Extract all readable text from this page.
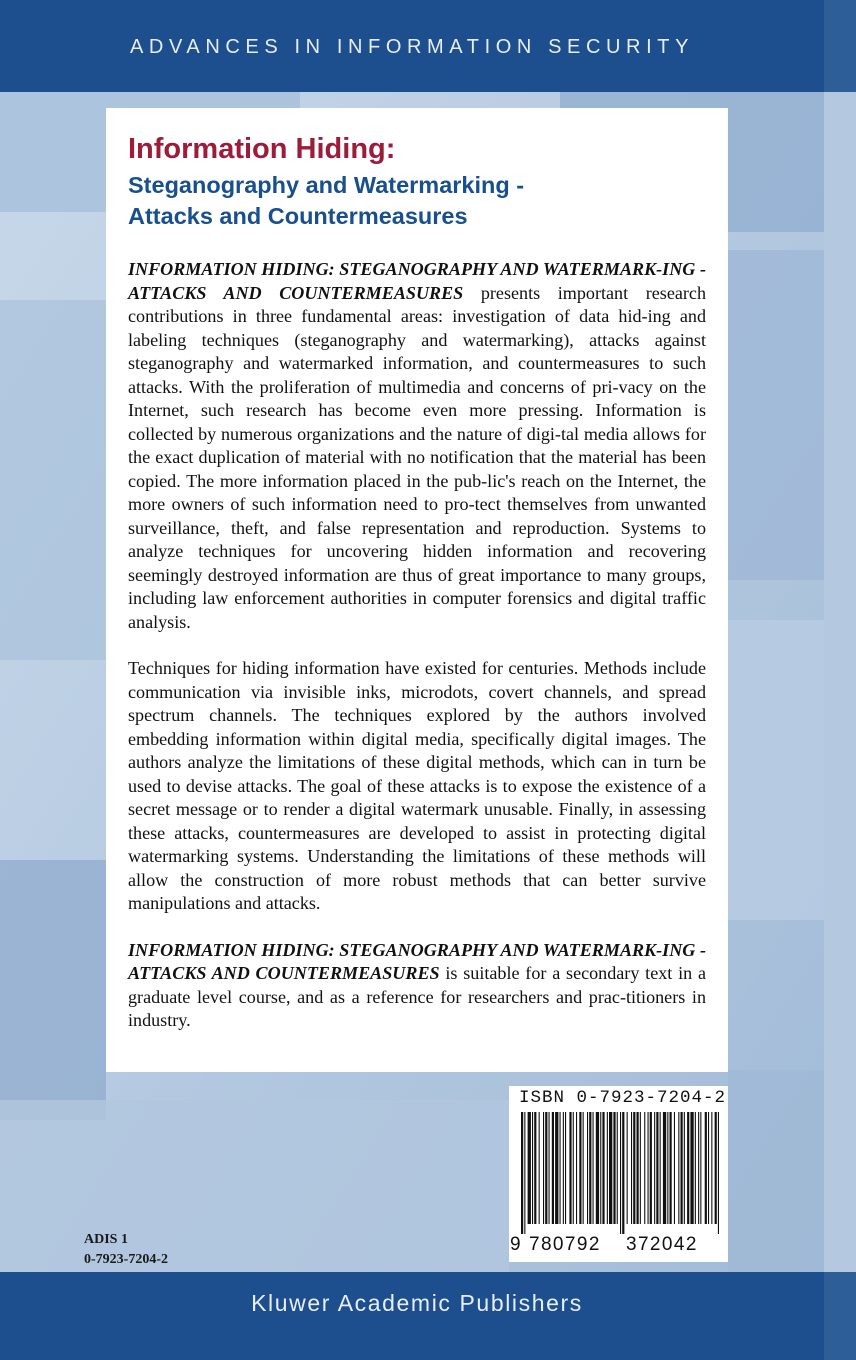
ADVANCES IN INFORMATION SECURITY
Information Hiding:
Steganography and Watermarking -
Attacks and Countermeasures

INFORMATION HIDING: STEGANOGRAPHY AND WATERMARK-ING - ATTACKS AND COUNTERMEASURES presents important research contributions in three fundamental areas: investigation of data hid-ing and labeling techniques (steganography and watermarking), attacks against steganography and watermarked information, and countermeasures to such attacks. With the proliferation of multimedia and concerns of pri-vacy on the Internet, such research has become even more pressing. Information is collected by numerous organizations and the nature of digi-tal media allows for the exact duplication of material with no notification that the material has been copied. The more information placed in the pub-lic's reach on the Internet, the more owners of such information need to pro-tect themselves from unwanted surveillance, theft, and false representation and reproduction. Systems to analyze techniques for uncovering hidden information and recovering seemingly destroyed information are thus of great importance to many groups, including law enforcement authorities in computer forensics and digital traffic analysis.

Techniques for hiding information have existed for centuries. Methods include communication via invisible inks, microdots, covert channels, and spread spectrum channels. The techniques explored by the authors involved embedding information within digital media, specifically digital images. The authors analyze the limitations of these digital methods, which can in turn be used to devise attacks. The goal of these attacks is to expose the existence of a secret message or to render a digital watermark unusable. Finally, in assessing these attacks, countermeasures are developed to assist in protecting digital watermarking systems. Understanding the limitations of these methods will allow the construction of more robust methods that can better survive manipulations and attacks.

INFORMATION HIDING: STEGANOGRAPHY AND WATERMARK-ING - ATTACKS AND COUNTERMEASURES is suitable for a secondary text in a graduate level course, and as a reference for researchers and prac-titioners in industry.

ISBN 0-7923-7204-2
9 780792 372042
ADIS 1
0-7923-7204-2
Kluwer Academic Publishers
